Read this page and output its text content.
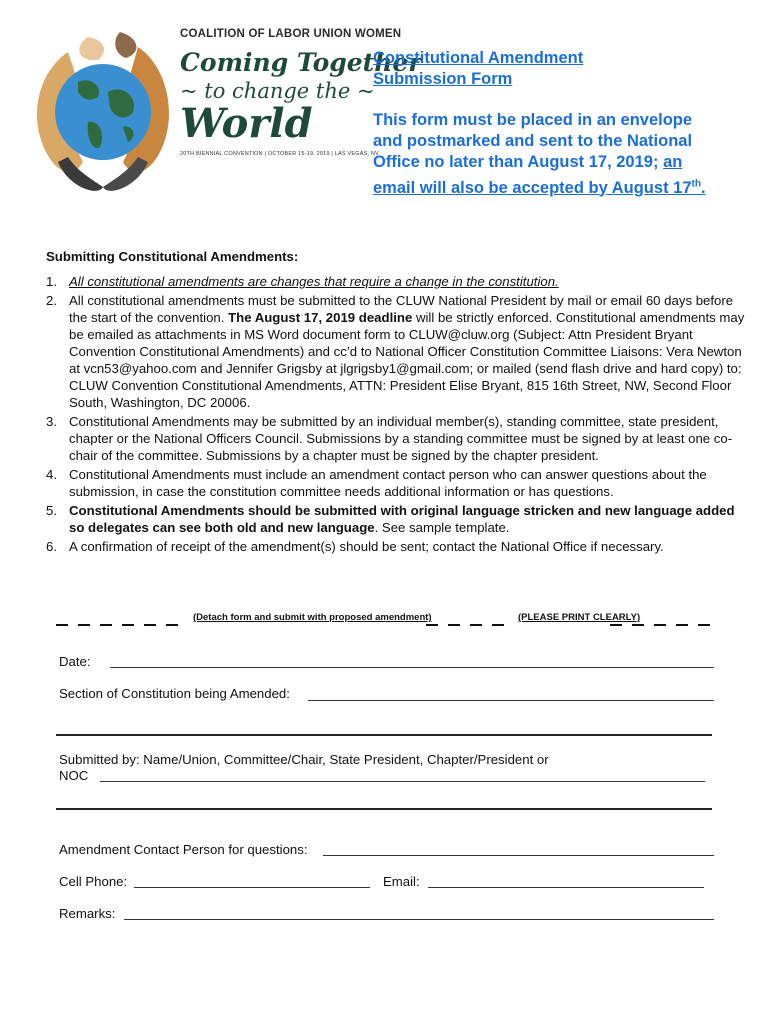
COALITION OF LABOR UNION WOMEN
Coming Together
~ to change the ~
World
20TH BIENNIAL CONVENTION | OCTOBER 15-19, 2019 | LAS VEGAS, NV
Constitutional Amendment
Submission Form
This form must be placed in an envelope and postmarked and sent to the National Office no later than August 17, 2019; an email will also be accepted by August 17th.
Submitting Constitutional Amendments:
1. All constitutional amendments are changes that require a change in the constitution.
2. All constitutional amendments must be submitted to the CLUW National President by mail or email 60 days before the start of the convention. The August 17, 2019 deadline will be strictly enforced. Constitutional amendments may be emailed as attachments in MS Word document form to CLUW@cluw.org (Subject: Attn President Bryant Convention Constitutional Amendments) and cc’d to National Officer Constitution Committee Liaisons: Vera Newton at vcn53@yahoo.com and Jennifer Grigsby at jlgrigsby1@gmail.com; or mailed (send flash drive and hard copy) to: CLUW Convention Constitutional Amendments, ATTN: President Elise Bryant, 815 16th Street, NW, Second Floor South, Washington, DC 20006.
3. Constitutional Amendments may be submitted by an individual member(s), standing committee, state president, chapter or the National Officers Council. Submissions by a standing committee must be signed by at least one co-chair of the committee. Submissions by a chapter must be signed by the chapter president.
4. Constitutional Amendments must include an amendment contact person who can answer questions about the submission, in case the constitution committee needs additional information or has questions.
5. Constitutional Amendments should be submitted with original language stricken and new language added so delegates can see both old and new language. See sample template.
6. A confirmation of receipt of the amendment(s) should be sent; contact the National Office if necessary.
(Detach form and submit with proposed amendment)	(PLEASE PRINT CLEARLY)
Date:
Section of Constitution being Amended:
Submitted by: Name/Union, Committee/Chair, State President, Chapter/President or
NOC
Amendment Contact Person for questions:
Cell Phone:	Email:
Remarks:
